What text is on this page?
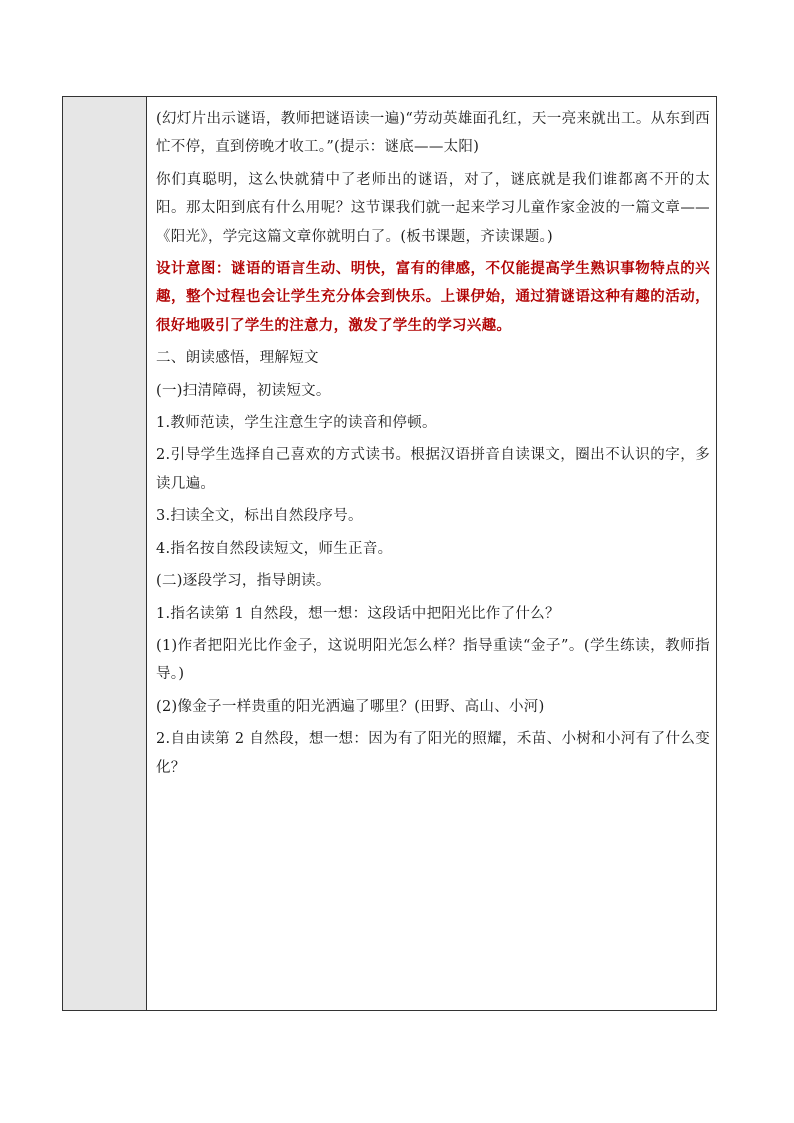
(幻灯片出示谜语，教师把谜语读一遍)“劳动英雄面孔红，天一亮来就出工。从东到西忙不停，直到傍晚才收工。”(提示：谜底——太阳)

你们真聪明，这么快就猜中了老师出的谜语，对了，谜底就是我们谁都离不开的太阳。那太阳到底有什么用呢？这节课我们就一起来学习儿童作家金波的一篇文章——《阳光》，学完这篇文章你就明白了。(板书课题，齐读课题。)

设计意图：谜语的语言生动、明快，富有的律感，不仅能提高学生熟识事物特点的兴趣，整个过程也会让学生充分体会到快乐。上课伊始，通过猜谜语这种有趣的活动，很好地吸引了学生的注意力，激发了学生的学习兴趣。

二、朗读感悟，理解短文

(一)扫清障碍，初读短文。

1.教师范读，学生注意生字的读音和停顿。

2.引导学生选择自己喜欢的方式读书。根据汉语拼音自读课文，圈出不认识的字，多读几遍。

3.扫读全文，标出自然段序号。

4.指名按自然段读短文，师生正音。

(二)逐段学习，指导朗读。

1.指名读第 1 自然段，想一想：这段话中把阳光比作了什么？

(1)作者把阳光比作金子，这说明阳光怎么样？指导重读“金子”。(学生练读，教师指导。)

(2)像金子一样贵重的阳光洒遍了哪里？(田野、高山、小河)

2.自由读第 2 自然段，想一想：因为有了阳光的照耀，禾苗、小树和小河有了什么变化？
